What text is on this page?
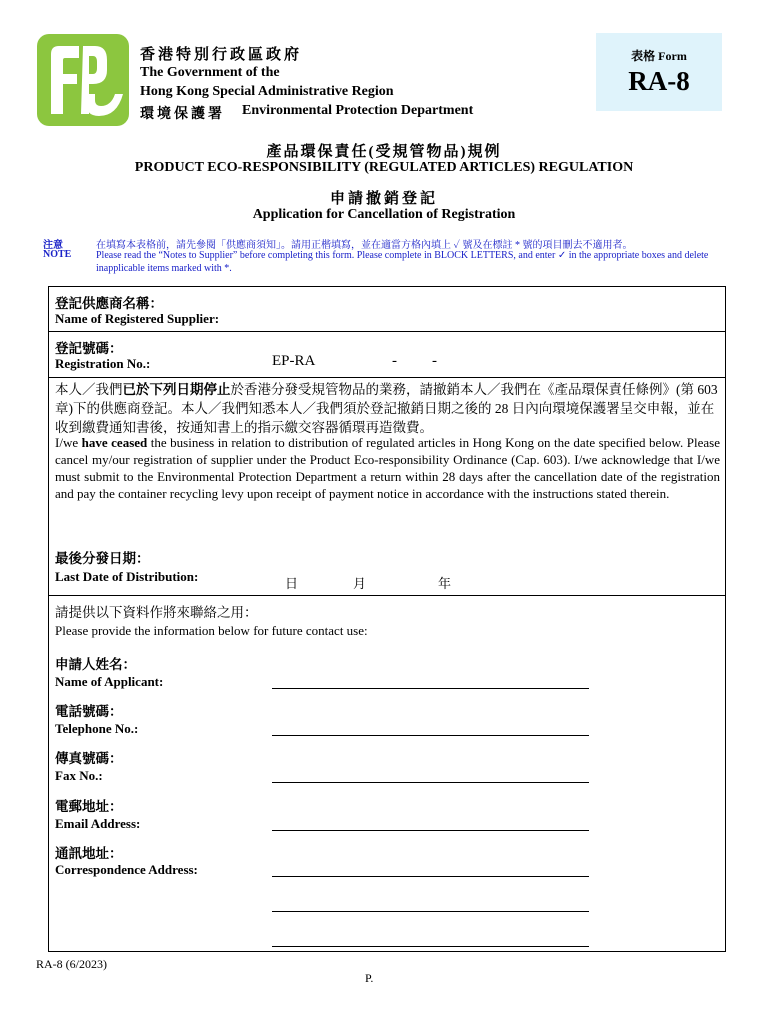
香港特別行政區政府
The Government of the
Hong Kong Special Administrative Region
環境保護署 Environmental Protection Department
表格 Form
RA-8
產品環保責任(受規管物品)規例
PRODUCT ECO-RESPONSIBILITY (REGULATED ARTICLES) REGULATION
申請撤銷登記
Application for Cancellation of Registration
注意
NOTE
在填寫本表格前，請先參閱「供應商須知」。請用正楷填寫，並在適當方格內填上 ✓ 號及在標註 * 號的項目刪去不適用者。
Please read the “Notes to Supplier” before completing this form. Please complete in BLOCK LETTERS, and enter ✓ in the appropriate boxes and delete inapplicable items marked with *.
登記供應商名稱：
Name of Registered Supplier:
登記號碼：
Registration No.:	EP-RA	- -
本人／我們已於下列日期停止於香港分發受規管物品的業務，請撤銷本人／我們在《產品環保責任條例》(第 603 章)下的供應商登記。本人／我們知悉本人／我們須於登記撤銷日期之後的 28 日內向環境保護署呈交申報，並在收到繳費通知書後，按通知書上的指示繳交容器循環再造徵費。
I/we have ceased the business in relation to distribution of regulated articles in Hong Kong on the date specified below. Please cancel my/our registration of supplier under the Product Eco-responsibility Ordinance (Cap. 603). I/we acknowledge that I/we must submit to the Environmental Protection Department a return within 28 days after the cancellation date of the registration and pay the container recycling levy upon receipt of payment notice in accordance with the instructions stated therein.
最後分發日期：
Last Date of Distribution:	日	月	年
請提供以下資料作將來聯絡之用：
Please provide the information below for future contact use:
申請人姓名：
Name of Applicant:
電話號碼：
Telephone No.:
傳真號碼：
Fax No.:
電郵地址：
Email Address:
通訊地址：
Correspondence Address:
RA-8 (6/2023)
P.
